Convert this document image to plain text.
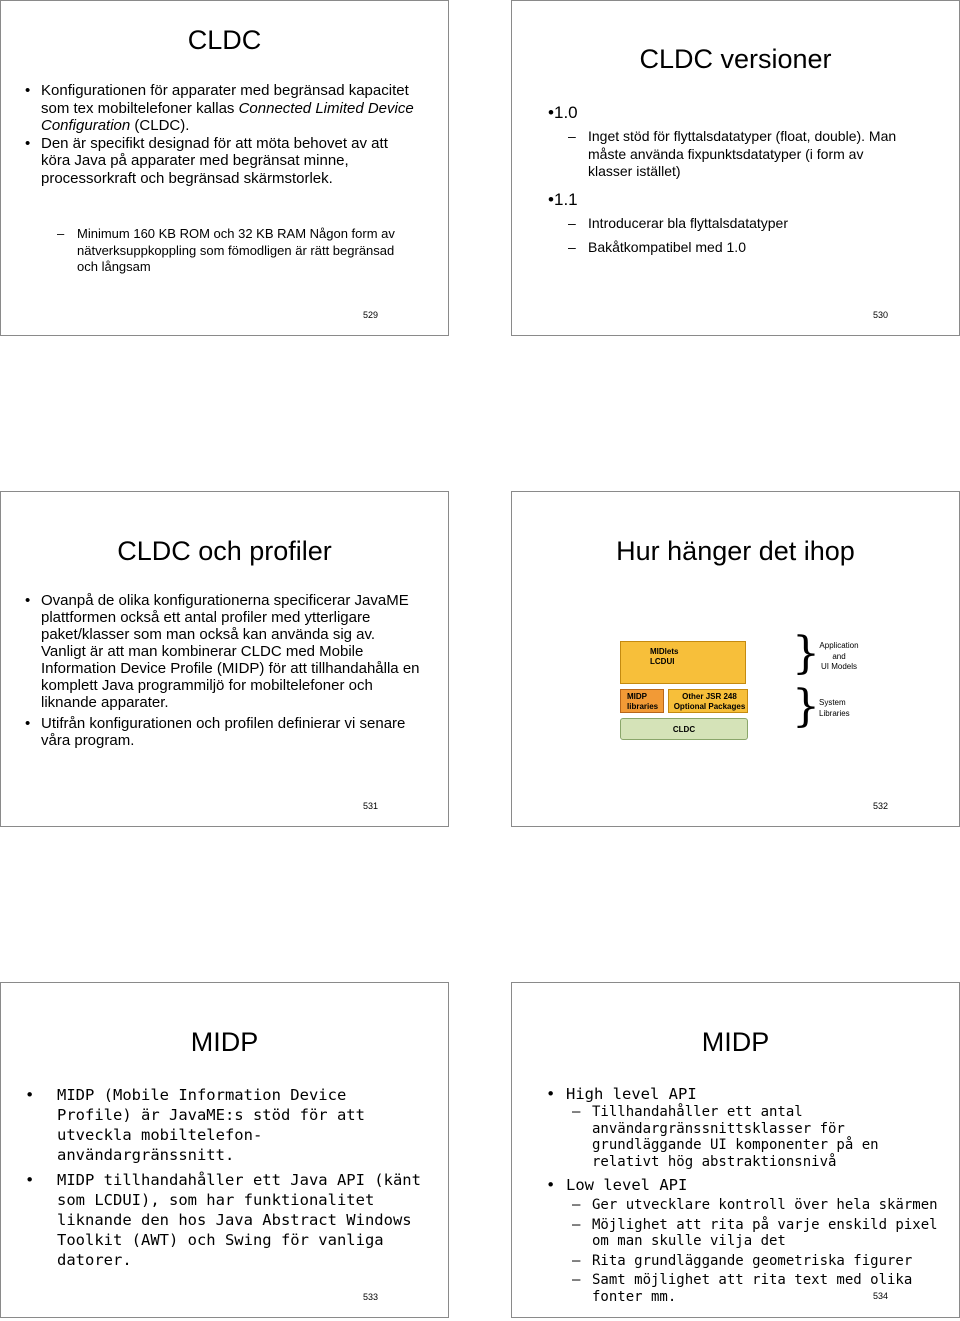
CLDC
• Konfigurationen för apparater med begränsad kapacitet som tex mobiltelefoner kallas Connected Limited Device Configuration (CLDC).
• Den är specifikt designad för att möta behovet av att köra Java på apparater med begränsat minne, processorkraft och begränsad skärmstorlek.
– Minimum 160 KB ROM och 32 KB RAM Någon form av nätverksuppkoppling som fömodligen är rätt begränsad och långsam
529
CLDC versioner
• 1.0
– Inget stöd för flyttalsdatatyper (float, double). Man måste använda fixpunktsdatatyper (i form av klasser istället)
• 1.1
– Introducerar bla flyttalsdatatyper
– Bakåtkompatibel med 1.0
530
CLDC och profiler
• Ovanpå de olika konfigurationerna specificerar JavaME plattformen också ett antal profiler med ytterligare paket/klasser som man också kan använda sig av. Vanligt är att man kombinerar CLDC med Mobile Information Device Profile (MIDP) för att tillhandahålla en komplett Java programmiljö for mobiltelefoner och liknande apparater.
• Utifrån konfigurationen och profilen definierar vi senare våra program.
531
Hur hänger det ihop
MIDlets
LCDUI
MIDP
libraries
Other JSR 248
Optional Packages
CLDC
} Application
and
UI Models
} System
Libraries
532
MIDP
• MIDP (Mobile Information Device Profile) är JavaME:s stöd för att utveckla mobiltelefon-användargränssnitt.
• MIDP tillhandahåller ett Java API (känt som LCDUI), som har funktionalitet liknande den hos Java Abstract Windows Toolkit (AWT) och Swing för vanliga datorer.
533
MIDP
• High level API
– Tillhandahåller ett antal användargränssnittsklasser för grundläggande UI komponenter på en relativt hög abstraktionsnivå
• Low level API
– Ger utvecklare kontroll över hela skärmen
– Möjlighet att rita på varje enskild pixel om man skulle vilja det
– Rita grundläggande geometriska figurer
– Samt möjlighet att rita text med olika fonter mm.	534
